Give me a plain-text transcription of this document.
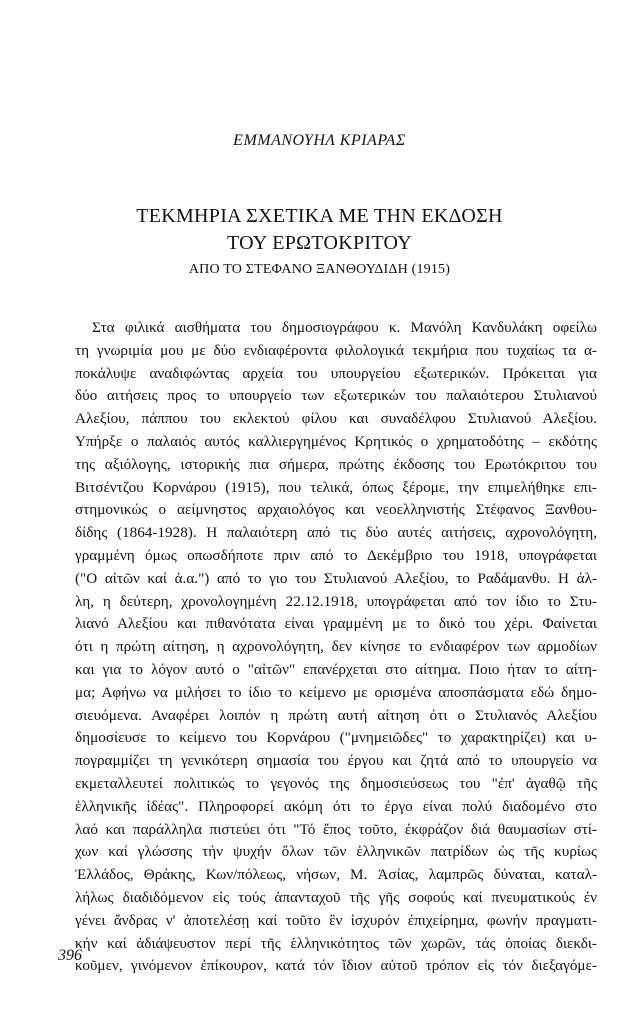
ΕΜΜΑΝΟΥΗΛ ΚΡΙΑΡΑΣ
ΤΕΚΜΗΡΙΑ ΣΧΕΤΙΚΑ ΜΕ ΤΗΝ ΕΚΔΟΣΗ
ΤΟΥ ΕΡΩΤΟΚΡΙΤΟΥ
ΑΠΟ ΤΟ ΣΤΕΦΑΝΟ ΞΑΝΘΟΥΔΙΔΗ (1915)
Στα φιλικά αισθήματα του δημοσιογράφου κ. Μανόλη Κανδυλάκη οφείλω
τη γνωριμία μου με δύο ενδιαφέροντα φιλολογικά τεκμήρια που τυχαίως τα α-
ποκάλυψε αναδιφώντας αρχεία του υπουργείου εξωτερικών. Πρόκειται για
δύο αιτήσεις προς το υπουργείο των εξωτερικών του παλαιότερου Στυλιανού
Αλεξίου, πάππου του εκλεκτού φίλου και συναδέλφου Στυλιανού Αλεξίου.
Υπήρξε ο παλαιός αυτός καλλιεργημένος Κρητικός ο χρηματοδότης – εκδότης
της αξιόλογης, ιστορικής πια σήμερα, πρώτης έκδοσης του Ερωτόκριτου του
Βιτσέντζου Κορνάρου (1915), που τελικά, όπως ξέρομε, την επιμελήθηκε επι-
στημονικώς ο αείμνηστος αρχαιολόγος και νεοελληνιστής Στέφανος Ξανθου-
δίδης (1864-1928). Η παλαιότερη από τις δύο αυτές αιτήσεις, αχρονολόγητη,
γραμμένη όμως οπωσδήποτε πριν από το Δεκέμβριο του 1918, υπογράφεται
("Ο αἰτῶν καί ἀ.α.") από το γιο του Στυλιανού Αλεξίου, το Ραδάμανθυ. Η άλ-
λη, η δεύτερη, χρονολογημένη 22.12.1918, υπογράφεται από τον ίδιο το Στυ-
λιανό Αλεξίου και πιθανότατα είναι γραμμένη με το δικό του χέρι. Φαίνεται
ότι η πρώτη αίτηση, η αχρονολόγητη, δεν κίνησε το ενδιαφέρον των αρμοδίων
και για το λόγον αυτό ο "αἰτῶν" επανέρχεται στο αίτημα. Ποιο ήταν το αίτη-
μα; Αφήνω να μιλήσει το ίδιο το κείμενο με ορισμένα αποσπάσματα εδώ δημο-
σιευόμενα. Αναφέρει λοιπόν η πρώτη αυτή αίτηση ότι ο Στυλιανός Αλεξίου
δημοσίευσε το κείμενο του Κορνάρου ("μνημειῶδες" το χαρακτηρίζει) και υ-
πογραμμίζει τη γενικότερη σημασία του έργου και ζητά από το υπουργείο να
εκμεταλλευτεί πολιτικώς το γεγονός της δημοσιεύσεως του "ἐπ' ἀγαθῷ τῆς
ἑλληνικῆς ἰδέας". Πληροφορεί ακόμη ότι το έργο είναι πολύ διαδομένο στο
λαό και παράλληλα πιστεύει ότι "Τό ἔπος τοῦτο, ἐκφράζον διά θαυμασίων στί-
χων καί γλώσσης τήν ψυχήν ὅλων τῶν ἑλληνικῶν πατρίδων ὡς τῆς κυρίως
Ἑλλάδος, Θράκης, Κων/πόλεως, νήσων, Μ. Ἀσίας, λαμπρῶς δύναται, καταλ-
λήλως διαδιδόμενον εἰς τούς ἁπανταχοῦ τῆς γῆς σοφούς καί πνευματικούς ἐν
γένει ἄνδρας ν' ἀποτελέσῃ καί τοῦτο ἓν ἰσχυρόν ἐπιχείρημα, φωνήν πραγματι-
κήν καί ἀδιάψευστον περί τῆς ἑλληνικότητος τῶν χωρῶν, τάς ὁποίας διεκδι-
κοῦμεν, γινόμενον ἐπίκουρον, κατά τόν ἴδιον αὐτοῦ τρόπον εἰς τόν διεξαγόμε-
396
